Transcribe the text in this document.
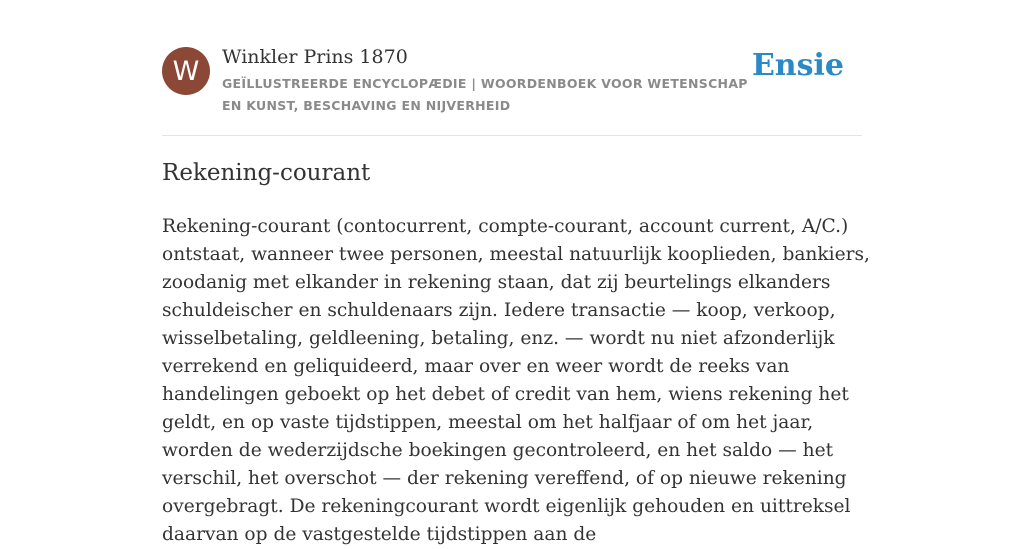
W	Winkler Prins 1870
GEÏLLUSTREERDE ENCYCLOPÆDIE | WOORDENBOEK VOOR WETENSCHAP EN KUNST, BESCHAVING EN NIJVERHEID
Ensie
Rekening-courant

Rekening-courant (contocurrent, compte-courant, account current, A/C.) ontstaat, wanneer twee personen, meestal natuurlijk kooplieden, bankiers, zoodanig met elkander in rekening staan, dat zij beurtelings elkanders schuldeischer en schuldenaars zijn. Iedere transactie — koop, verkoop, wisselbetaling, geldleening, betaling, enz. — wordt nu niet afzonderlijk verrekend en geliquideerd, maar over en weer wordt de reeks van handelingen geboekt op het debet of credit van hem, wiens rekening het geldt, en op vaste tijdstippen, meestal om het halfjaar of om het jaar, worden de wederzijdsche boekingen gecontroleerd, en het saldo — het verschil, het overschot — der rekening vereffend, of op nieuwe rekening overgebragt. De rekeningcourant wordt eigenlijk gehouden en uittreksel daarvan op de vastgestelde tijdstippen aan de
